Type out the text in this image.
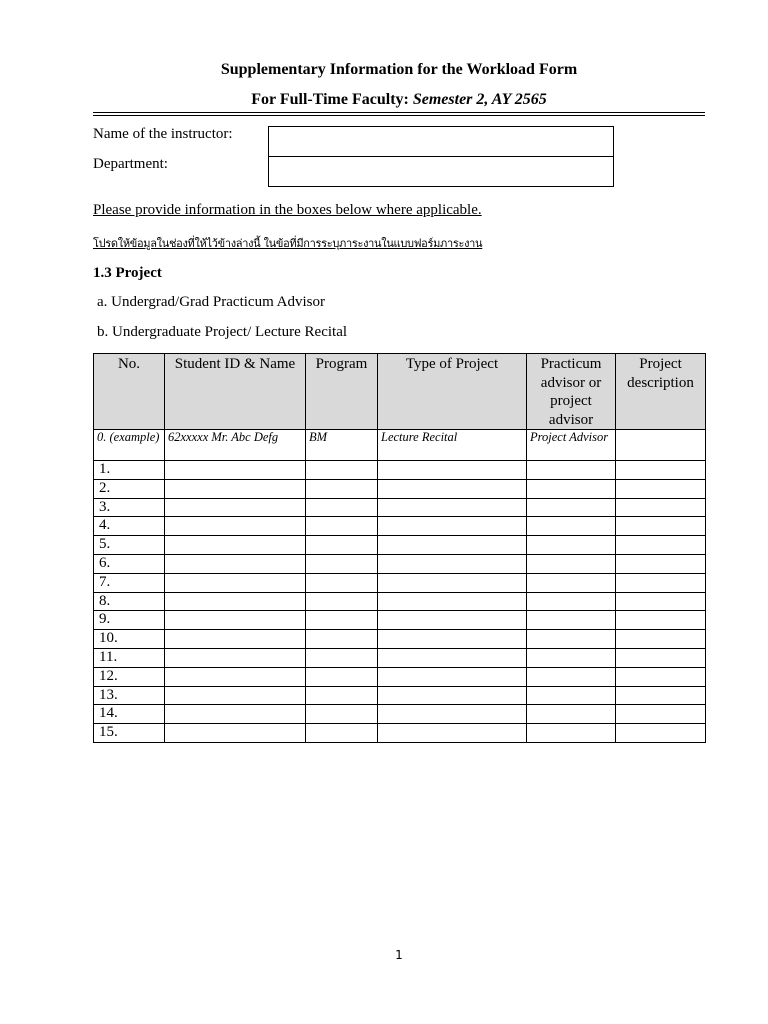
Supplementary Information for the Workload Form
For Full-Time Faculty: Semester 2, AY 2565
Name of the instructor:
Department:

Please provide information in the boxes below where applicable.
โปรดให้ข้อมูลในช่องที่ให้ไว้ข้างล่างนี้ ในข้อที่มีการระบุภาระงานในแบบฟอร์มภาระงาน
1.3 Project
a. Undergrad/Grad Practicum Advisor
b. Undergraduate Project/ Lecture Recital
No.	Student ID & Name	Program	Type of Project	Practicum advisor or project advisor	Project description
0. (example)	62xxxxx Mr. Abc Defg	BM	Lecture Recital	Project Advisor	
1.					
2.					
3.					
4.					
5.					
6.					
7.					
8.					
9.					
10.					
11.					
12.					
13.					
14.					
15.					
1
